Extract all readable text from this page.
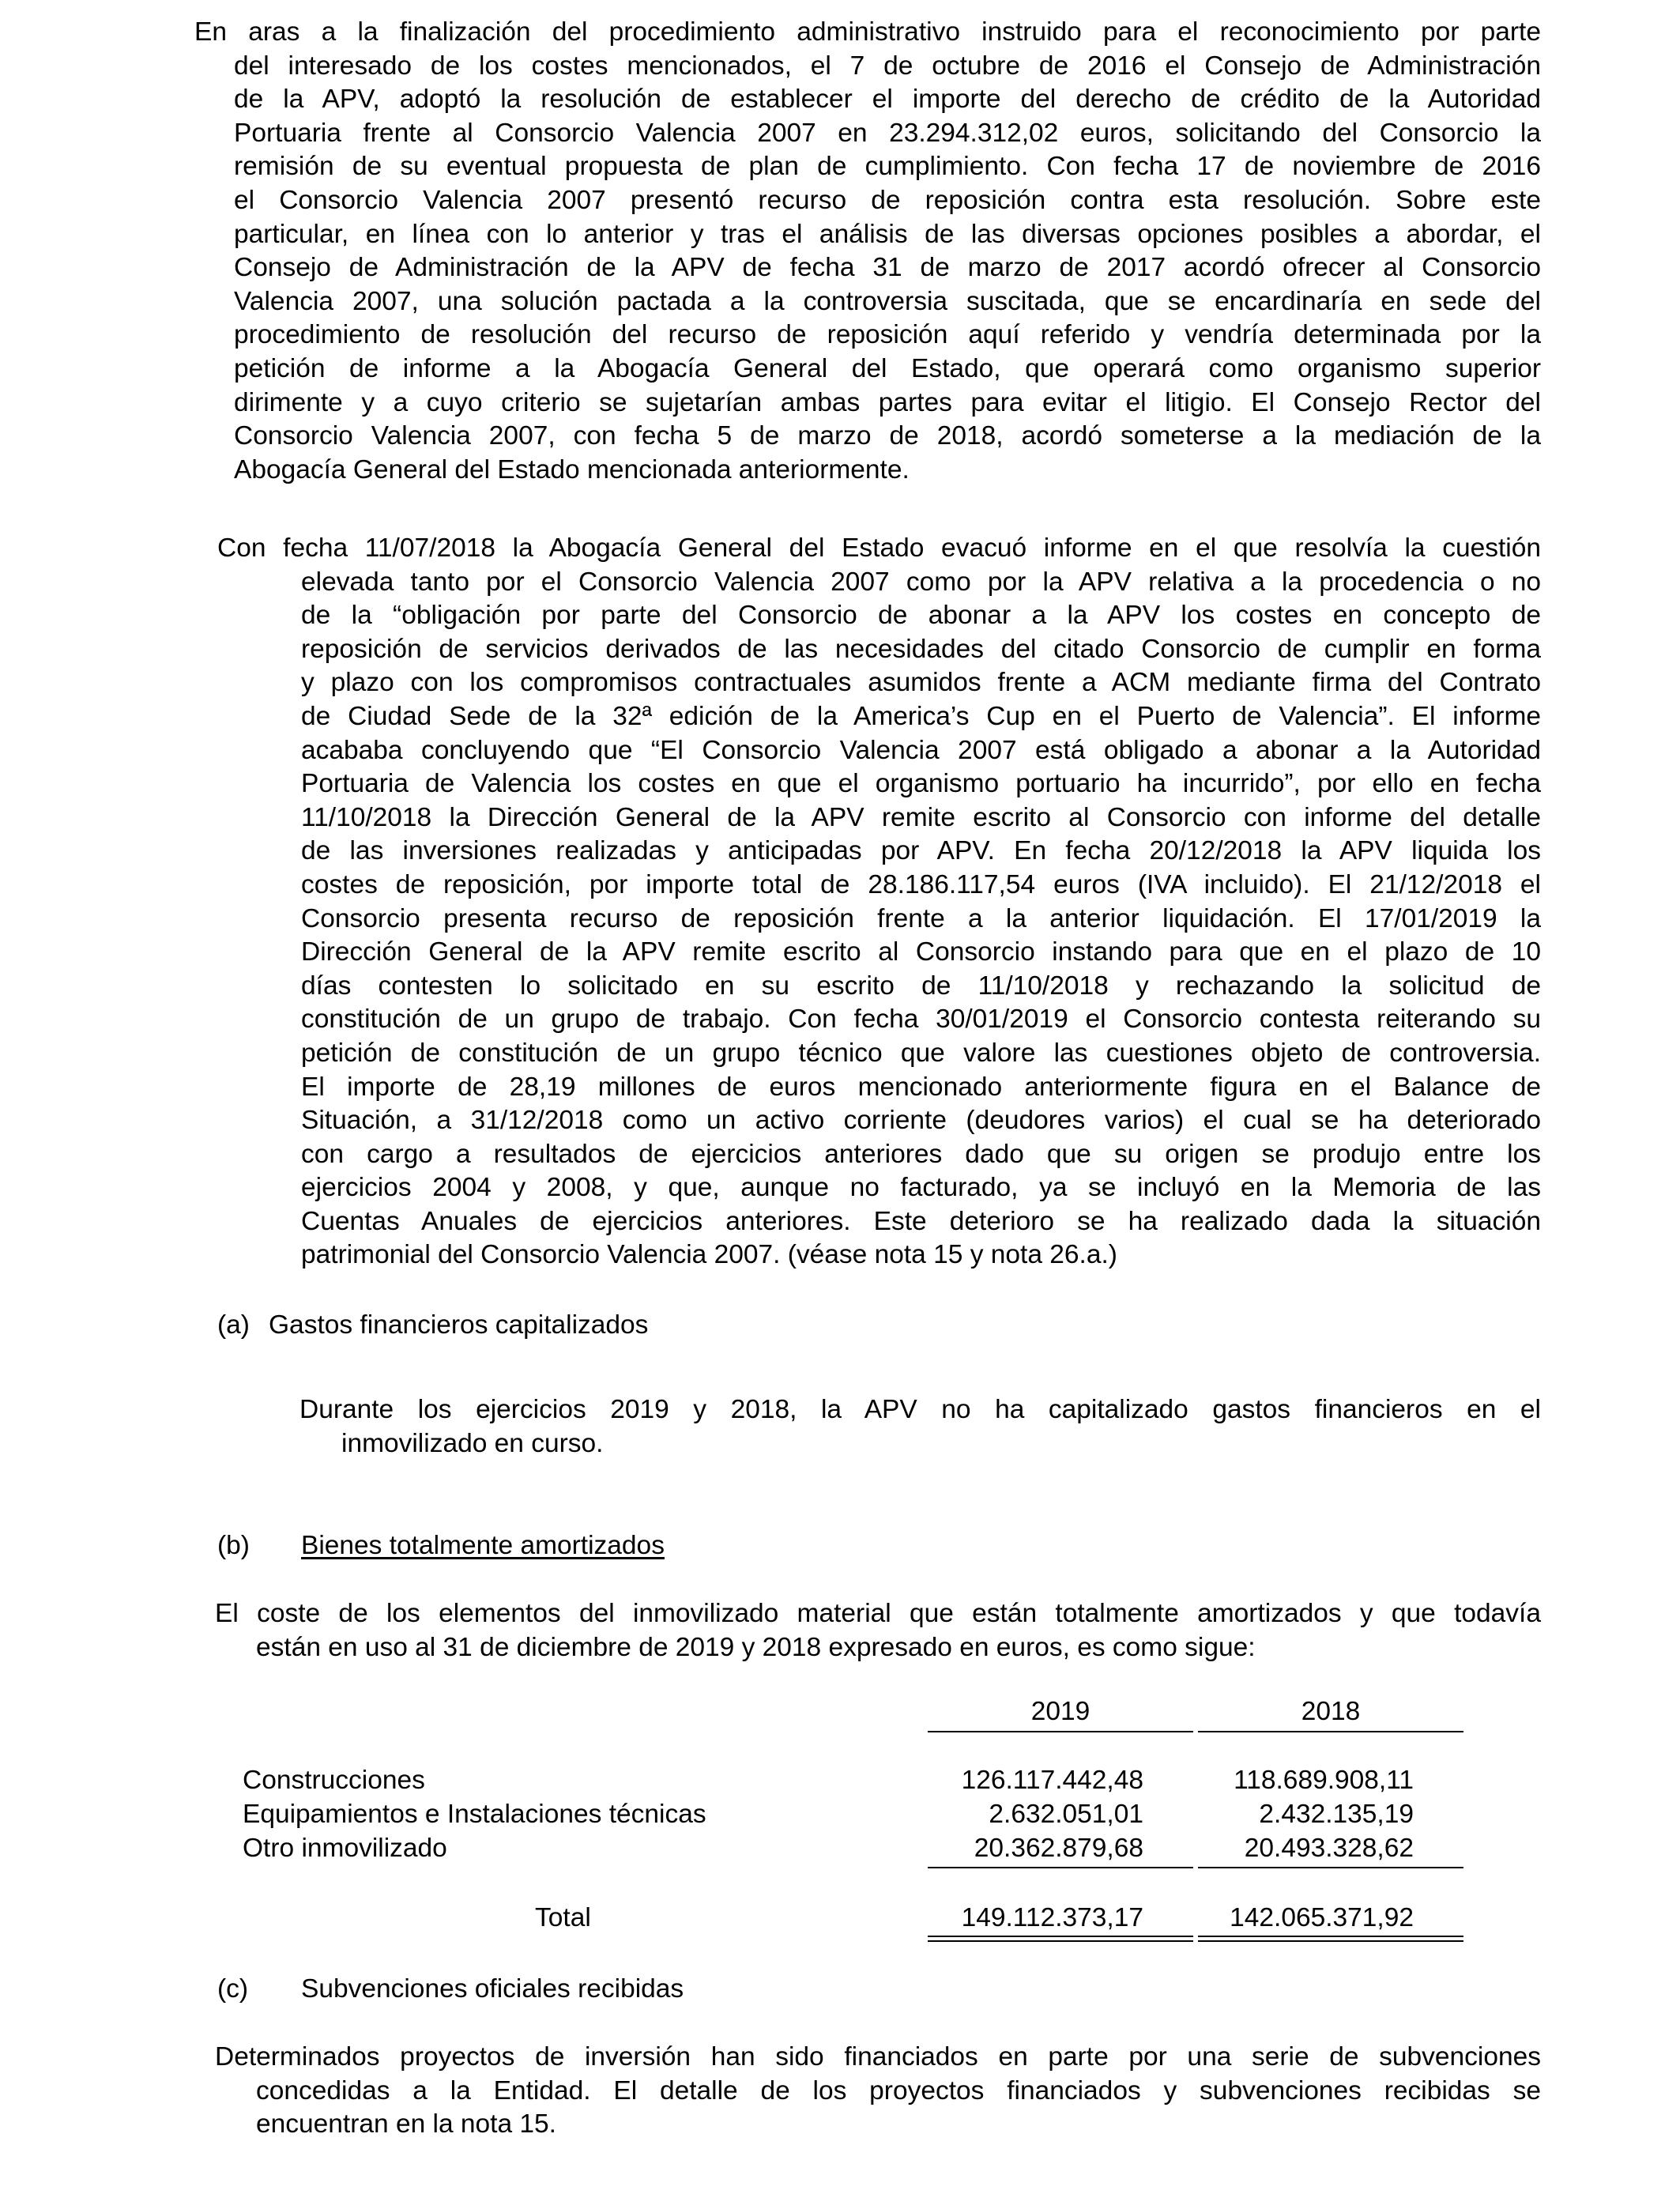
En aras a la finalización del procedimiento administrativo instruido para el reconocimiento por parte
del interesado de los costes mencionados, el 7 de octubre de 2016 el Consejo de Administración
de la APV, adoptó la resolución de establecer el importe del derecho de crédito de la Autoridad
Portuaria frente al Consorcio Valencia 2007 en 23.294.312,02 euros, solicitando del Consorcio la
remisión de su eventual propuesta de plan de cumplimiento. Con fecha 17 de noviembre de 2016
el Consorcio Valencia 2007 presentó recurso de reposición contra esta resolución. Sobre este
particular, en línea con lo anterior y tras el análisis de las diversas opciones posibles a abordar, el
Consejo de Administración de la APV de fecha 31 de marzo de 2017 acordó ofrecer al Consorcio
Valencia 2007, una solución pactada a la controversia suscitada, que se encardinaría en sede del
procedimiento de resolución del recurso de reposición aquí referido y vendría determinada por la
petición de informe a la Abogacía General del Estado, que operará como organismo superior
dirimente y a cuyo criterio se sujetarían ambas partes para evitar el litigio. El Consejo Rector del
Consorcio Valencia 2007, con fecha 5 de marzo de 2018, acordó someterse a la mediación de la
Abogacía General del Estado mencionada anteriormente.
Con fecha 11/07/2018 la Abogacía General del Estado evacuó informe en el que resolvía la cuestión
elevada tanto por el Consorcio Valencia 2007 como por la APV relativa a la procedencia o no
de la “obligación por parte del Consorcio de abonar a la APV los costes en concepto de
reposición de servicios derivados de las necesidades del citado Consorcio de cumplir en forma
y plazo con los compromisos contractuales asumidos frente a ACM mediante firma del Contrato
de Ciudad Sede de la 32ª edición de la America’s Cup en el Puerto de Valencia”. El informe
acababa concluyendo que “El Consorcio Valencia 2007 está obligado a abonar a la Autoridad
Portuaria de Valencia los costes en que el organismo portuario ha incurrido”, por ello en fecha
11/10/2018 la Dirección General de la APV remite escrito al Consorcio con informe del detalle
de las inversiones realizadas y anticipadas por APV. En fecha 20/12/2018 la APV liquida los
costes de reposición, por importe total de 28.186.117,54 euros (IVA incluido). El 21/12/2018 el
Consorcio presenta recurso de reposición frente a la anterior liquidación. El 17/01/2019 la
Dirección General de la APV remite escrito al Consorcio instando para que en el plazo de 10
días contesten lo solicitado en su escrito de 11/10/2018 y rechazando la solicitud de
constitución de un grupo de trabajo. Con fecha 30/01/2019 el Consorcio contesta reiterando su
petición de constitución de un grupo técnico que valore las cuestiones objeto de controversia.
El importe de 28,19 millones de euros mencionado anteriormente figura en el Balance de
Situación, a 31/12/2018 como un activo corriente (deudores varios) el cual se ha deteriorado
con cargo a resultados de ejercicios anteriores dado que su origen se produjo entre los
ejercicios 2004 y 2008, y que, aunque no facturado, ya se incluyó en la Memoria de las
Cuentas Anuales de ejercicios anteriores. Este deterioro se ha realizado dada la situación
patrimonial del Consorcio Valencia 2007. (véase nota 15 y nota 26.a.)
(a) Gastos financieros capitalizados
Durante los ejercicios 2019 y 2018, la APV no ha capitalizado gastos financieros en el
inmovilizado en curso.
(b) Bienes totalmente amortizados
El coste de los elementos del inmovilizado material que están totalmente amortizados y que todavía
están en uso al 31 de diciembre de 2019 y 2018 expresado en euros, es como sigue:
2019	2018
Construcciones	126.117.442,48	118.689.908,11
Equipamientos e Instalaciones técnicas	2.632.051,01	2.432.135,19
Otro inmovilizado	20.362.879,68	20.493.328,62
Total	149.112.373,17	142.065.371,92
(c) Subvenciones oficiales recibidas
Determinados proyectos de inversión han sido financiados en parte por una serie de subvenciones
concedidas a la Entidad. El detalle de los proyectos financiados y subvenciones recibidas se
encuentran en la nota 15.
